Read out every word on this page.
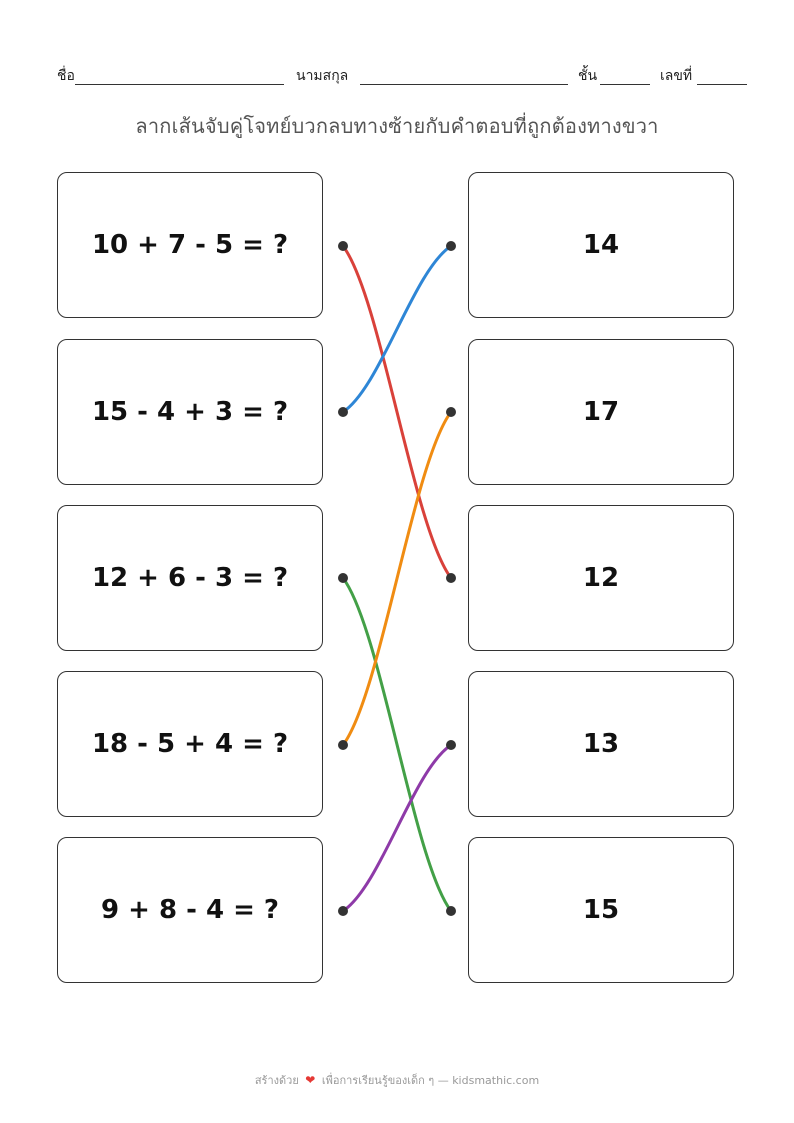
ชื่อ	นามสกุล	ชั้น	เลขที่
ลากเส้นจับคู่โจทย์บวกลบทางซ้ายกับคำตอบที่ถูกต้องทางขวา
10 + 7 - 5 = ?
15 - 4 + 3 = ?
12 + 6 - 3 = ?
18 - 5 + 4 = ?
9 + 8 - 4 = ?
14
17
12
13
15
สร้างด้วย ❤ เพื่อการเรียนรู้ของเด็ก ๆ — kidsmathic.com
